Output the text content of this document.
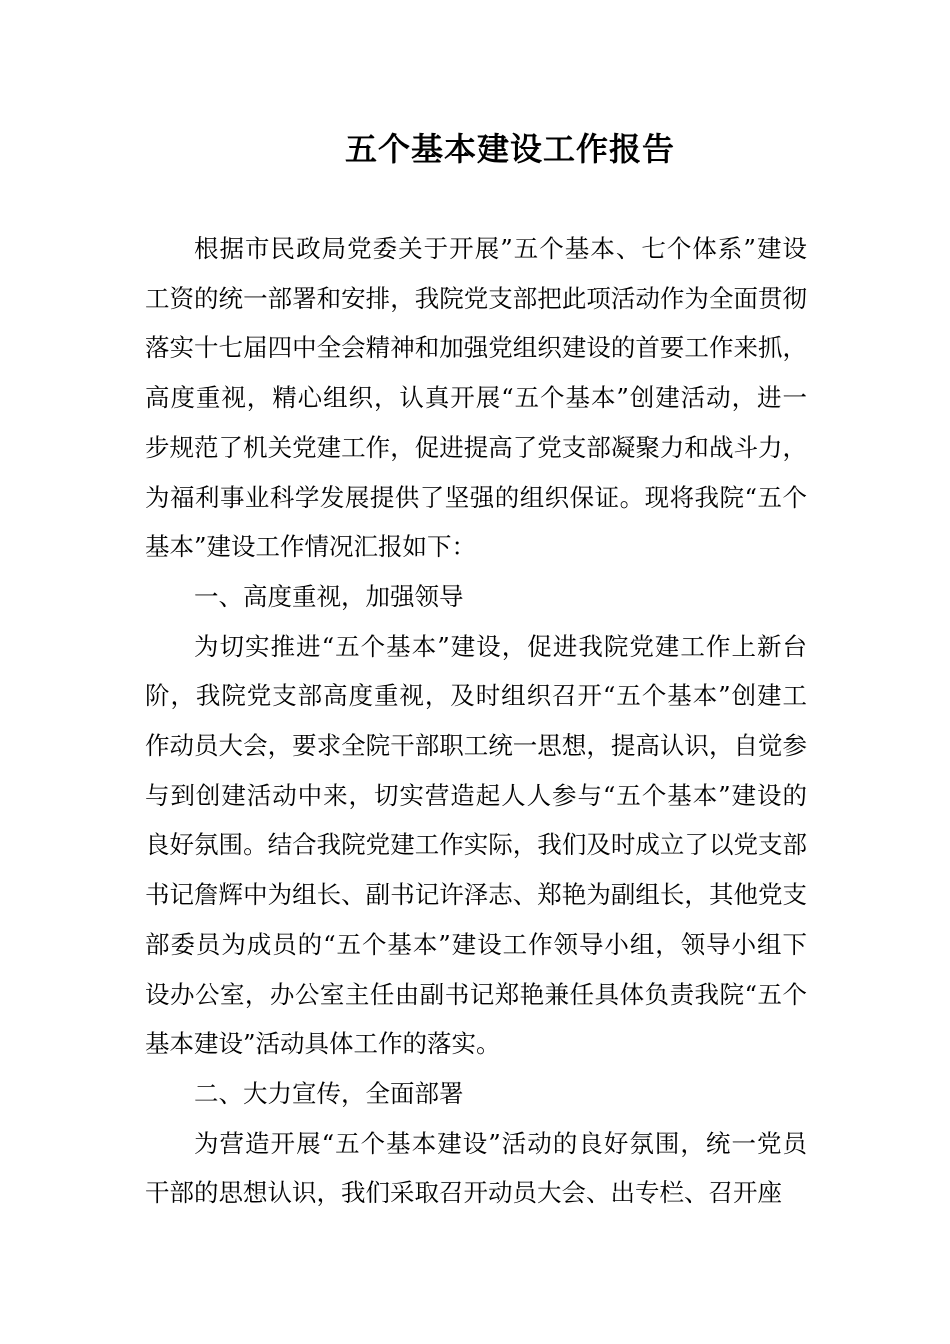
五个基本建设工作报告

根据市民政局党委关于开展”五个基本、七个体系”建设工资的统一部署和安排，我院党支部把此项活动作为全面贯彻落实十七届四中全会精神和加强党组织建设的首要工作来抓，高度重视，精心组织，认真开展“五个基本”创建活动，进一步规范了机关党建工作，促进提高了党支部凝聚力和战斗力，为福利事业科学发展提供了坚强的组织保证。现将我院“五个基本”建设工作情况汇报如下：

一、高度重视，加强领导

为切实推进“五个基本”建设，促进我院党建工作上新台阶，我院党支部高度重视，及时组织召开“五个基本”创建工作动员大会，要求全院干部职工统一思想，提高认识，自觉参与到创建活动中来，切实营造起人人参与“五个基本”建设的良好氛围。结合我院党建工作实际，我们及时成立了以党支部书记詹辉中为组长、副书记许泽志、郑艳为副组长，其他党支部委员为成员的“五个基本”建设工作领导小组，领导小组下设办公室，办公室主任由副书记郑艳兼任具体负责我院“五个基本建设”活动具体工作的落实。

二、大力宣传，全面部署

为营造开展“五个基本建设”活动的良好氛围，统一党员干部的思想认识，我们采取召开动员大会、出专栏、召开座
